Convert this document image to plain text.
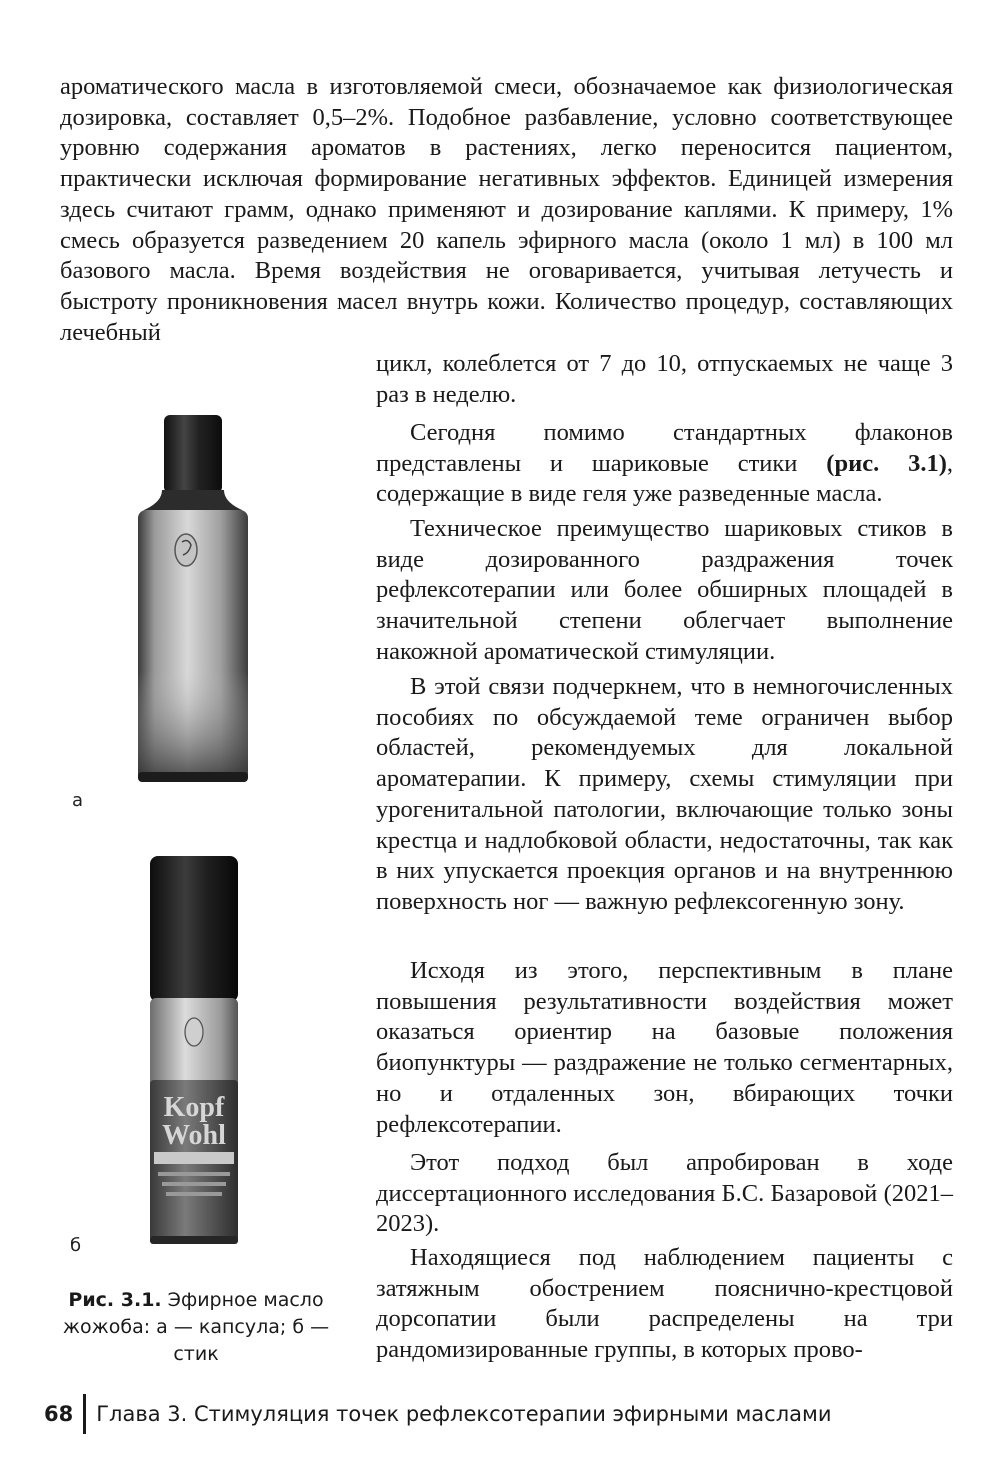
ароматического масла в изготовляемой смеси, обозначаемое как физиологическая дозировка, составляет 0,5–2%. Подобное разбавление, условно соответствующее уровню содержания ароматов в растениях, легко переносится пациентом, практически исключая формирование негативных эффектов. Единицей измерения здесь считают грамм, однако применяют и дозирование каплями. К примеру, 1% смесь образуется разведением 20 капель эфирного масла (около 1 мл) в 100 мл базового масла. Время воздействия не оговаривается, учитывая летучесть и быстроту проникновения масел внутрь кожи. Количество процедур, составляющих лечебный

цикл, колеблется от 7 до 10, отпускаемых не чаще 3 раз в неделю.

Сегодня помимо стандартных флаконов представлены и шариковые стики (рис. 3.1), содержащие в виде геля уже разведенные масла.

Техническое преимущество шариковых стиков в виде дозированного раздражения точек рефлексотерапии или более обширных площадей в значительной степени облегчает выполнение накожной ароматической стимуляции.

В этой связи подчеркнем, что в немногочисленных пособиях по обсуждаемой теме ограничен выбор областей, рекомендуемых для локальной ароматерапии. К примеру, схемы стимуляции при урогенитальной патологии, включающие только зоны крестца и надлобковой области, недостаточны, так как в них упускается проекция органов и на внутреннюю поверхность ног — важную рефлексогенную зону.

Исходя из этого, перспективным в плане повышения результативности воздействия может оказаться ориентир на базовые положения биопунктуры — раздражение не только сегментарных, но и отдаленных зон, вбирающих точки рефлексотерапии.

Этот подход был апробирован в ходе диссертационного исследования Б.С. Базаровой (2021–2023).

Находящиеся под наблюдением пациенты с затяжным обострением пояснично-крестцовой дорсопатии были распределены на три рандомизированные группы, в которых прово-

а
Kopf
Wohl
б
Рис. 3.1. Эфирное масло жожоба: а — капсула; б — стик
68 Глава 3. Стимуляция точек рефлексотерапии эфирными маслами
